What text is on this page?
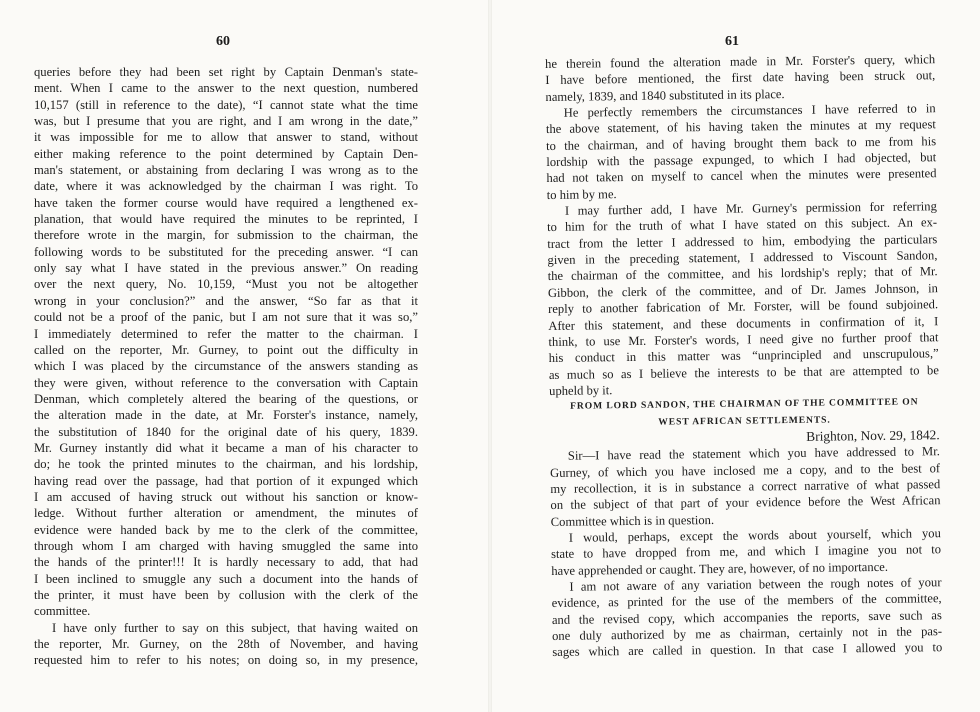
60
queries before they had been set right by Captain Denman's state-
ment. When I came to the answer to the next question, numbered
10,157 (still in reference to the date), “I cannot state what the time
was, but I presume that you are right, and I am wrong in the date,”
it was impossible for me to allow that answer to stand, without
either making reference to the point determined by Captain Den-
man's statement, or abstaining from declaring I was wrong as to the
date, where it was acknowledged by the chairman I was right. To
have taken the former course would have required a lengthened ex-
planation, that would have required the minutes to be reprinted, I
therefore wrote in the margin, for submission to the chairman, the
following words to be substituted for the preceding answer. “I can
only say what I have stated in the previous answer.” On reading
over the next query, No. 10,159, “Must you not be altogether
wrong in your conclusion?” and the answer, “So far as that it
could not be a proof of the panic, but I am not sure that it was so,”
I immediately determined to refer the matter to the chairman. I
called on the reporter, Mr. Gurney, to point out the difficulty in
which I was placed by the circumstance of the answers standing as
they were given, without reference to the conversation with Captain
Denman, which completely altered the bearing of the questions, or
the alteration made in the date, at Mr. Forster's instance, namely,
the substitution of 1840 for the original date of his query, 1839.
Mr. Gurney instantly did what it became a man of his character to
do; he took the printed minutes to the chairman, and his lordship,
having read over the passage, had that portion of it expunged which
I am accused of having struck out without his sanction or know-
ledge. Without further alteration or amendment, the minutes of
evidence were handed back by me to the clerk of the committee,
through whom I am charged with having smuggled the same into
the hands of the printer!!! It is hardly necessary to add, that had
I been inclined to smuggle any such a document into the hands of
the printer, it must have been by collusion with the clerk of the
committee.
I have only further to say on this subject, that having waited on
the reporter, Mr. Gurney, on the 28th of November, and having
requested him to refer to his notes; on doing so, in my presence,
61
he therein found the alteration made in Mr. Forster's query, which
I have before mentioned, the first date having been struck out,
namely, 1839, and 1840 substituted in its place.
He perfectly remembers the circumstances I have referred to in
the above statement, of his having taken the minutes at my request
to the chairman, and of having brought them back to me from his
lordship with the passage expunged, to which I had objected, but
had not taken on myself to cancel when the minutes were presented
to him by me.
I may further add, I have Mr. Gurney's permission for referring
to him for the truth of what I have stated on this subject. An ex-
tract from the letter I addressed to him, embodying the particulars
given in the preceding statement, I addressed to Viscount Sandon,
the chairman of the committee, and his lordship's reply; that of Mr.
Gibbon, the clerk of the committee, and of Dr. James Johnson, in
reply to another fabrication of Mr. Forster, will be found subjoined.
After this statement, and these documents in confirmation of it, I
think, to use Mr. Forster's words, I need give no further proof that
his conduct in this matter was “unprincipled and unscrupulous,”
as much so as I believe the interests to be that are attempted to be
upheld by it.
FROM LORD SANDON, THE CHAIRMAN OF THE COMMITTEE ON
WEST AFRICAN SETTLEMENTS.
Brighton, Nov. 29, 1842.
Sir—I have read the statement which you have addressed to Mr.
Gurney, of which you have inclosed me a copy, and to the best of
my recollection, it is in substance a correct narrative of what passed
on the subject of that part of your evidence before the West African
Committee which is in question.
I would, perhaps, except the words about yourself, which you
state to have dropped from me, and which I imagine you not to
have apprehended or caught. They are, however, of no importance.
I am not aware of any variation between the rough notes of your
evidence, as printed for the use of the members of the committee,
and the revised copy, which accompanies the reports, save such as
one duly authorized by me as chairman, certainly not in the pas-
sages which are called in question. In that case I allowed you to
